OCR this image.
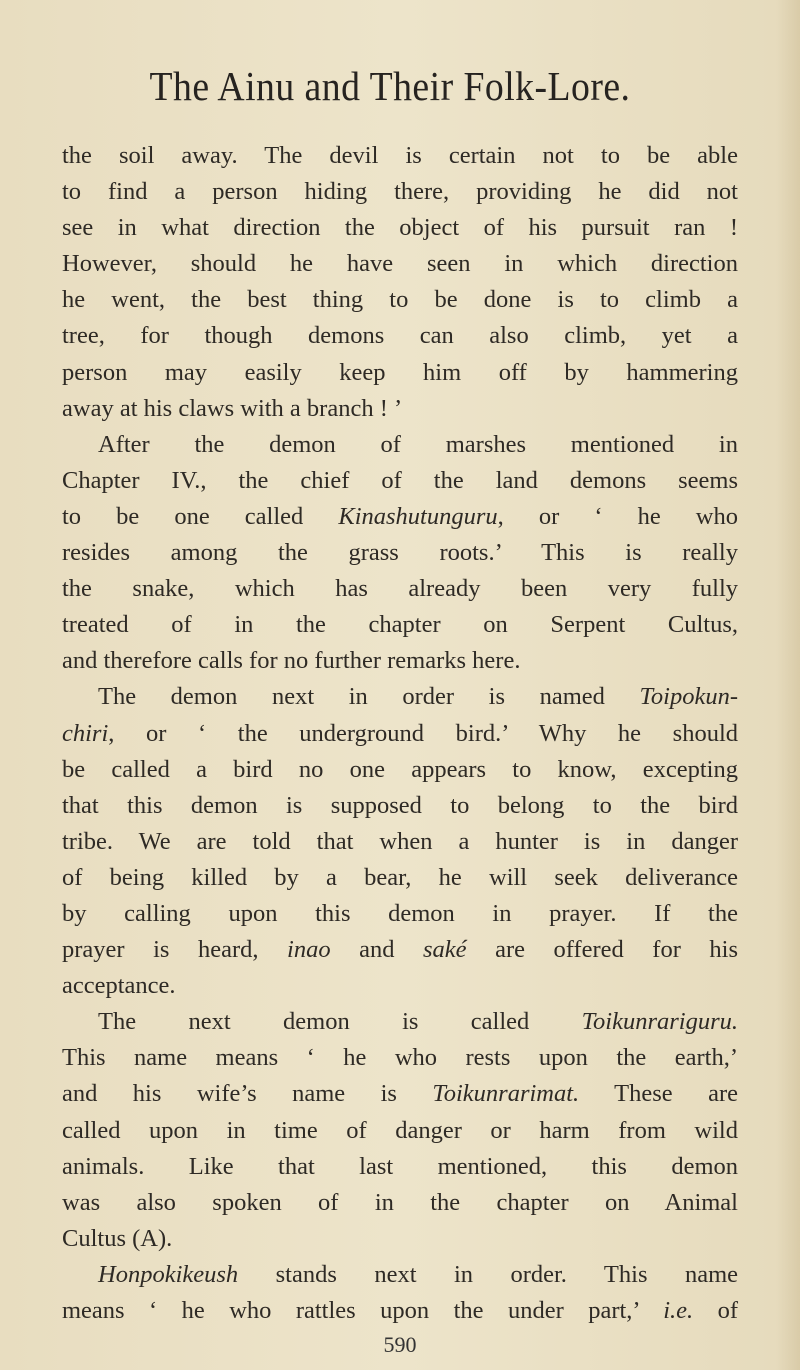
The Ainu and Their Folk-Lore.
the soil away. The devil is certain not to be able
to find a person hiding there, providing he did not
see in what direction the object of his pursuit ran !
However, should he have seen in which direction
he went, the best thing to be done is to climb a
tree, for though demons can also climb, yet a
person may easily keep him off by hammering
away at his claws with a branch ! ’
After the demon of marshes mentioned in
Chapter IV., the chief of the land demons seems
to be one called Kinashutunguru, or ‘ he who
resides among the grass roots.’ This is really
the snake, which has already been very fully
treated of in the chapter on Serpent Cultus,
and therefore calls for no further remarks here.
The demon next in order is named Toipokun-
chiri, or ‘ the underground bird.’ Why he should
be called a bird no one appears to know, excepting
that this demon is supposed to belong to the bird
tribe. We are told that when a hunter is in danger
of being killed by a bear, he will seek deliverance
by calling upon this demon in prayer. If the
prayer is heard, inao and saké are offered for his
acceptance.
The next demon is called Toikunrariguru.
This name means ‘ he who rests upon the earth,’
and his wife’s name is Toikunrarimat. These are
called upon in time of danger or harm from wild
animals. Like that last mentioned, this demon
was also spoken of in the chapter on Animal
Cultus (A).
Honpokikeush stands next in order. This name
means ‘ he who rattles upon the under part,’ i.e. of
590
